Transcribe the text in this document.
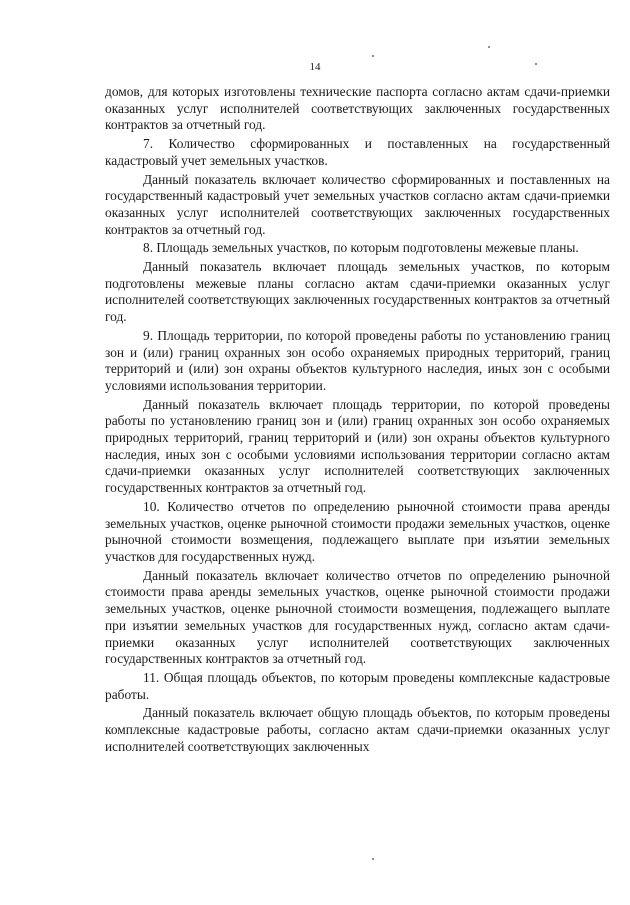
14

домов, для которых изготовлены технические паспорта согласно актам сдачи-приемки оказанных услуг исполнителей соответствующих заключенных государственных контрактов за отчетный год.

7. Количество сформированных и поставленных на государственный кадастровый учет земельных участков.

Данный показатель включает количество сформированных и поставленных на государственный кадастровый учет земельных участков согласно актам сдачи-приемки оказанных услуг исполнителей соответствующих заключенных государственных контрактов за отчетный год.

8. Площадь земельных участков, по которым подготовлены межевые планы.

Данный показатель включает площадь земельных участков, по которым подготовлены межевые планы согласно актам сдачи-приемки оказанных услуг исполнителей соответствующих заключенных государственных контрактов за отчетный год.

9. Площадь территории, по которой проведены работы по установлению границ зон и (или) границ охранных зон особо охраняемых природных территорий, границ территорий и (или) зон охраны объектов культурного наследия, иных зон с особыми условиями использования территории.

Данный показатель включает площадь территории, по которой проведены работы по установлению границ зон и (или) границ охранных зон особо охраняемых природных территорий, границ территорий и (или) зон охраны объектов культурного наследия, иных зон с особыми условиями использования территории согласно актам сдачи-приемки оказанных услуг исполнителей соответствующих заключенных государственных контрактов за отчетный год.

10. Количество отчетов по определению рыночной стоимости права аренды земельных участков, оценке рыночной стоимости продажи земельных участков, оценке рыночной стоимости возмещения, подлежащего выплате при изъятии земельных участков для государственных нужд.

Данный показатель включает количество отчетов по определению рыночной стоимости права аренды земельных участков, оценке рыночной стоимости продажи земельных участков, оценке рыночной стоимости возмещения, подлежащего выплате при изъятии земельных участков для государственных нужд, согласно актам сдачи-приемки оказанных услуг исполнителей соответствующих заключенных государственных контрактов за отчетный год.

11. Общая площадь объектов, по которым проведены комплексные кадастровые работы.

Данный показатель включает общую площадь объектов, по которым проведены комплексные кадастровые работы, согласно актам сдачи-приемки оказанных услуг исполнителей соответствующих заключенных
